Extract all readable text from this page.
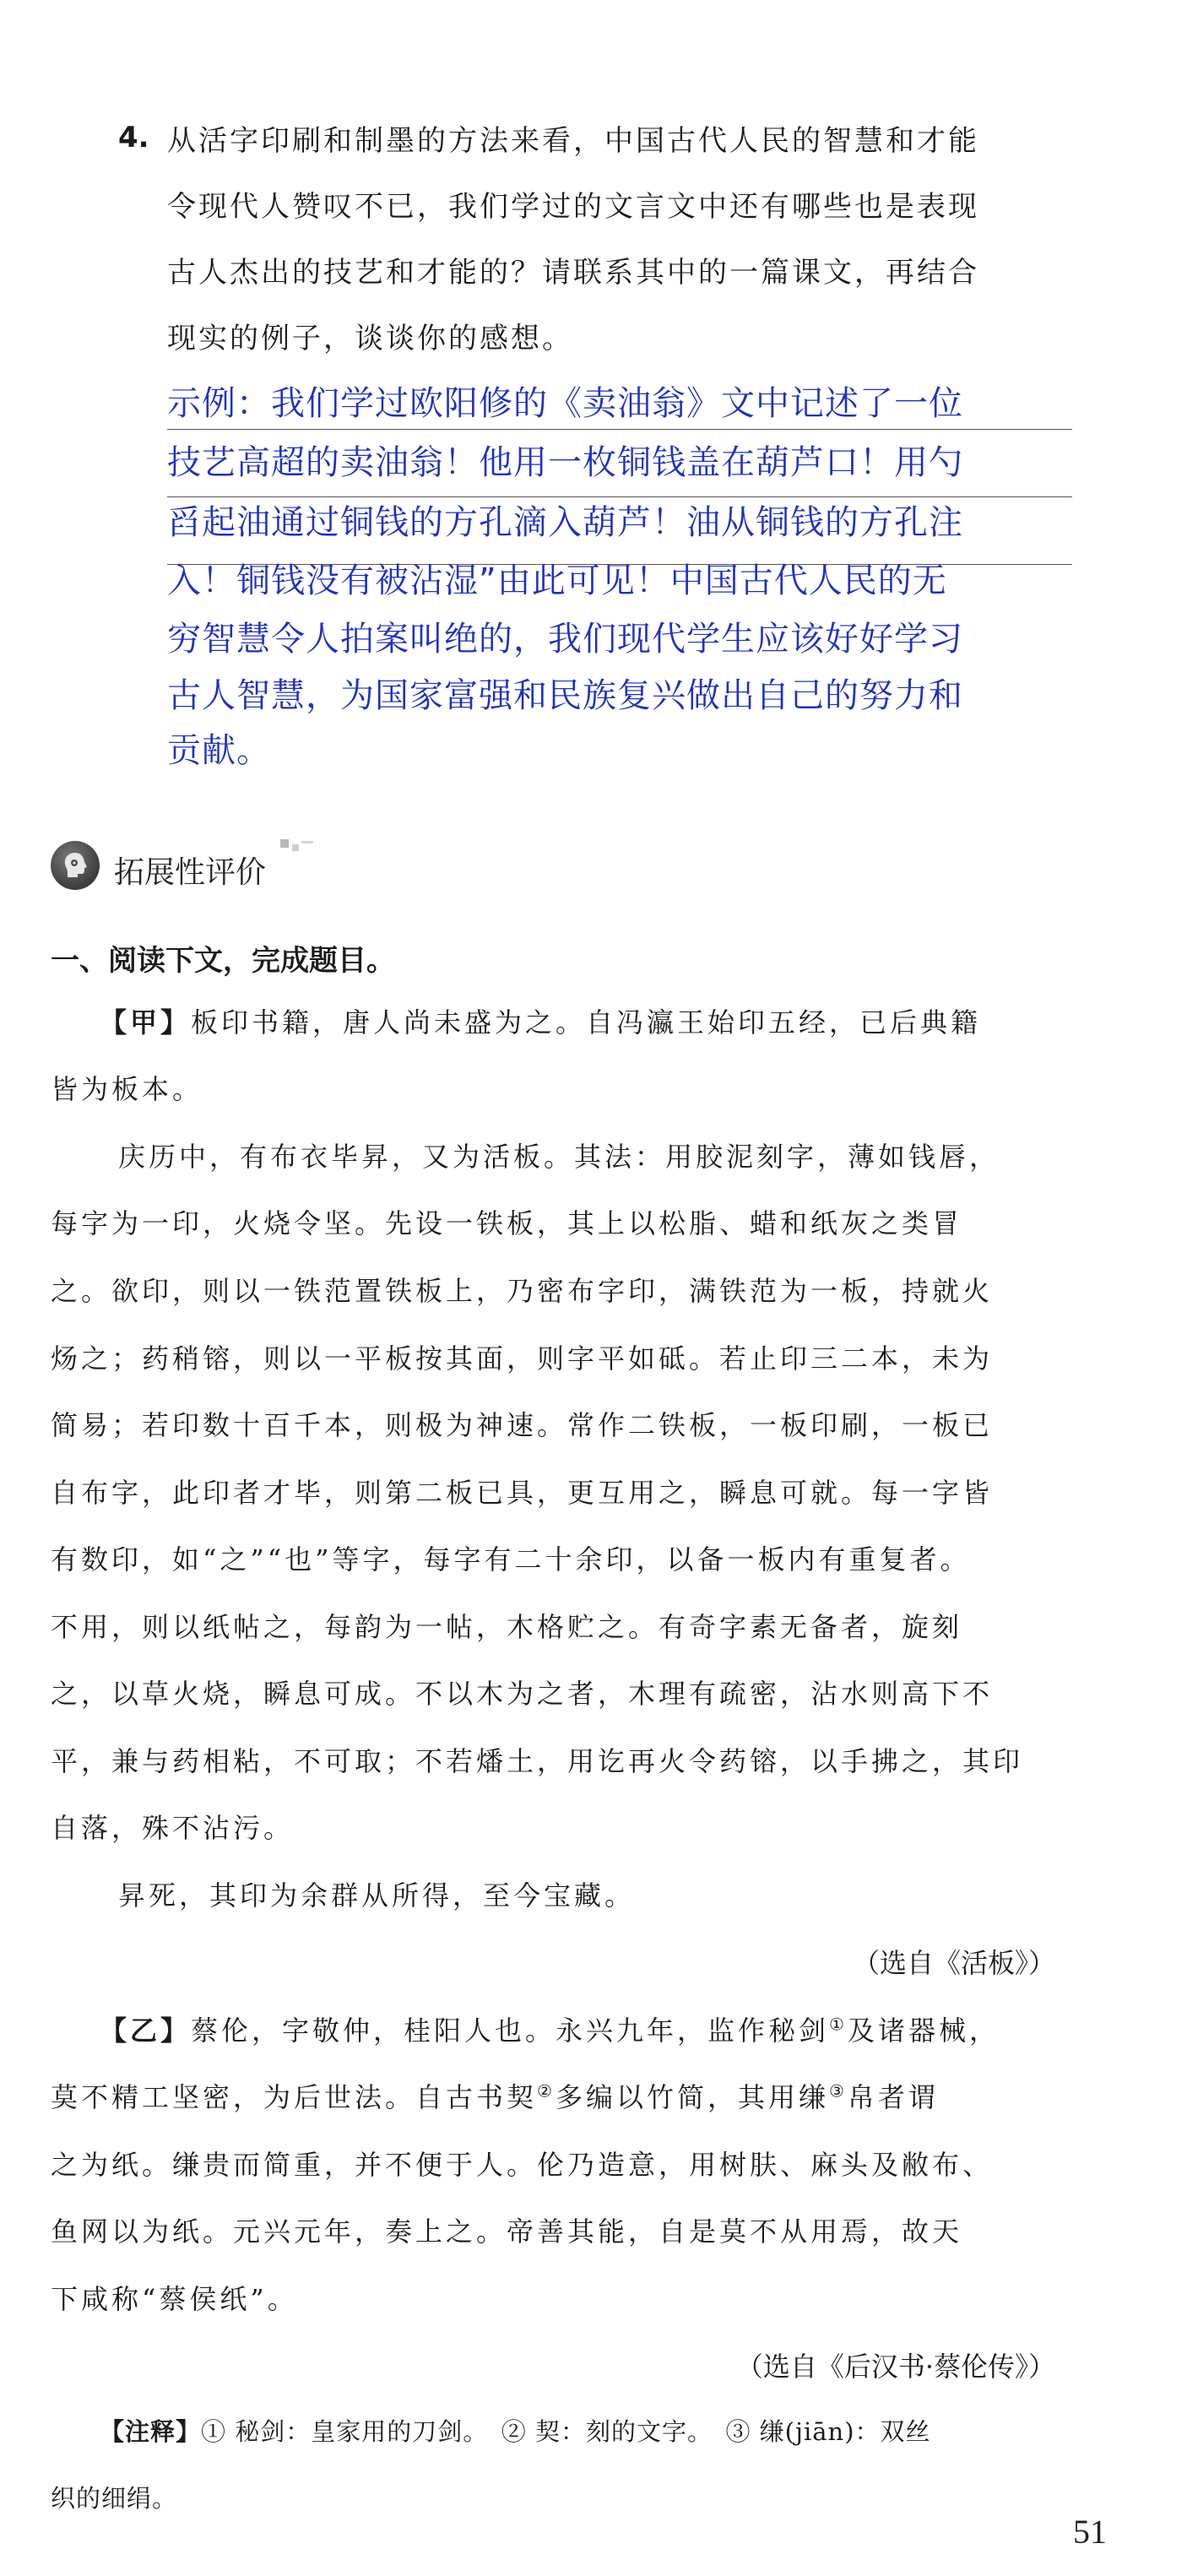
4. 从活字印刷和制墨的方法来看，中国古代人民的智慧和才能
令现代人赞叹不已，我们学过的文言文中还有哪些也是表现
古人杰出的技艺和才能的？请联系其中的一篇课文，再结合
现实的例子，谈谈你的感想。
示例：我们学过欧阳修的《卖油翁》文中记述了一位
技艺高超的卖油翁！他用一枚铜钱盖在葫芦口！用勺
舀起油通过铜钱的方孔滴入葫芦！油从铜钱的方孔注
入！铜钱没有被沾湿”由此可见！中国古代人民的无
穷智慧令人拍案叫绝的，我们现代学生应该好好学习
古人智慧，为国家富强和民族复兴做出自己的努力和
贡献。
拓展性评价
一、阅读下文，完成题目。
【甲】板印书籍，唐人尚未盛为之。自冯瀛王始印五经，已后典籍
皆为板本。
庆历中，有布衣毕昇，又为活板。其法：用胶泥刻字，薄如钱唇，
每字为一印，火烧令坚。先设一铁板，其上以松脂、蜡和纸灰之类冒
之。欲印，则以一铁范置铁板上，乃密布字印，满铁范为一板，持就火
炀之；药稍镕，则以一平板按其面，则字平如砥。若止印三二本，未为
简易；若印数十百千本，则极为神速。常作二铁板，一板印刷，一板已
自布字，此印者才毕，则第二板已具，更互用之，瞬息可就。每一字皆
有数印，如“之”“也”等字，每字有二十余印，以备一板内有重复者。
不用，则以纸帖之，每韵为一帖，木格贮之。有奇字素无备者，旋刻
之，以草火烧，瞬息可成。不以木为之者，木理有疏密，沾水则高下不
平，兼与药相粘，不可取；不若燔土，用讫再火令药镕，以手拂之，其印
自落，殊不沾污。
昇死，其印为余群从所得，至今宝藏。
（选自《活板》）
【乙】蔡伦，字敬仲，桂阳人也。永兴九年，监作秘剑①及诸器械，
莫不精工坚密，为后世法。自古书契②多编以竹简，其用缣③帛者谓
之为纸。缣贵而简重，并不便于人。伦乃造意，用树肤、麻头及敝布、
鱼网以为纸。元兴元年，奏上之。帝善其能，自是莫不从用焉，故天
下咸称“蔡侯纸”。
（选自《后汉书·蔡伦传》）
【注释】① 秘剑：皇家用的刀剑。　② 契：刻的文字。　③ 缣(jiān)：双丝
织的细绢。
51
